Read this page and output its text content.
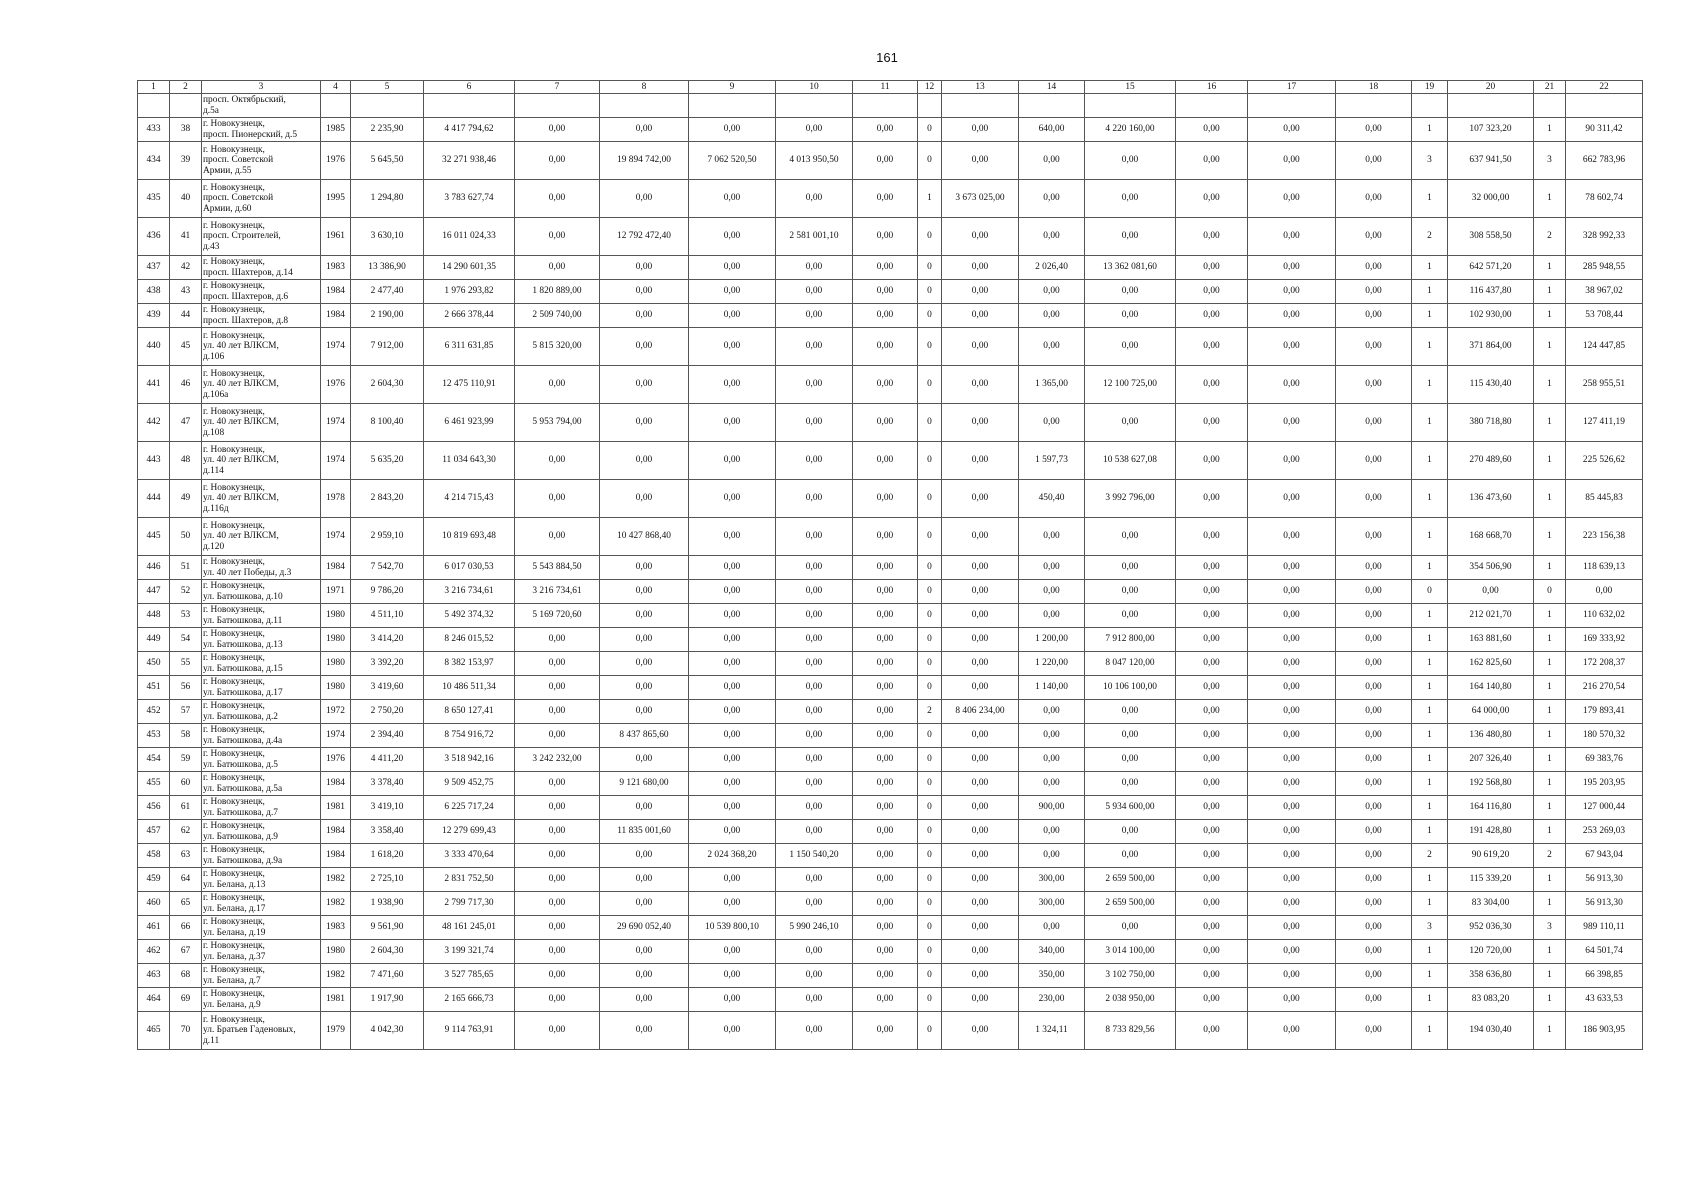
161
1	2	3	4	5	6	7	8	9	10	11	12	13	14	15	16	17	18	19	20	21	22
		просп. Октябрьский,
д.5а																			
433	38	г. Новокузнецк,
просп. Пионерский, д.5	1985	2 235,90	4 417 794,62	0,00	0,00	0,00	0,00	0,00	0	0,00	640,00	4 220 160,00	0,00	0,00	0,00	1	107 323,20	1	90 311,42
434	39	г. Новокузнецк,
просп. Советской
Армии, д.55	1976	5 645,50	32 271 938,46	0,00	19 894 742,00	7 062 520,50	4 013 950,50	0,00	0	0,00	0,00	0,00	0,00	0,00	0,00	3	637 941,50	3	662 783,96
435	40	г. Новокузнецк,
просп. Советской
Армии, д.60	1995	1 294,80	3 783 627,74	0,00	0,00	0,00	0,00	0,00	1	3 673 025,00	0,00	0,00	0,00	0,00	0,00	1	32 000,00	1	78 602,74
436	41	г. Новокузнецк,
просп. Строителей,
д.43	1961	3 630,10	16 011 024,33	0,00	12 792 472,40	0,00	2 581 001,10	0,00	0	0,00	0,00	0,00	0,00	0,00	0,00	2	308 558,50	2	328 992,33
437	42	г. Новокузнецк,
просп. Шахтеров, д.14	1983	13 386,90	14 290 601,35	0,00	0,00	0,00	0,00	0,00	0	0,00	2 026,40	13 362 081,60	0,00	0,00	0,00	1	642 571,20	1	285 948,55
438	43	г. Новокузнецк,
просп. Шахтеров, д.6	1984	2 477,40	1 976 293,82	1 820 889,00	0,00	0,00	0,00	0,00	0	0,00	0,00	0,00	0,00	0,00	0,00	1	116 437,80	1	38 967,02
439	44	г. Новокузнецк,
просп. Шахтеров, д.8	1984	2 190,00	2 666 378,44	2 509 740,00	0,00	0,00	0,00	0,00	0	0,00	0,00	0,00	0,00	0,00	0,00	1	102 930,00	1	53 708,44
440	45	г. Новокузнецк,
ул. 40 лет ВЛКСМ,
д.106	1974	7 912,00	6 311 631,85	5 815 320,00	0,00	0,00	0,00	0,00	0	0,00	0,00	0,00	0,00	0,00	0,00	1	371 864,00	1	124 447,85
441	46	г. Новокузнецк,
ул. 40 лет ВЛКСМ,
д.106а	1976	2 604,30	12 475 110,91	0,00	0,00	0,00	0,00	0,00	0	0,00	1 365,00	12 100 725,00	0,00	0,00	0,00	1	115 430,40	1	258 955,51
442	47	г. Новокузнецк,
ул. 40 лет ВЛКСМ,
д.108	1974	8 100,40	6 461 923,99	5 953 794,00	0,00	0,00	0,00	0,00	0	0,00	0,00	0,00	0,00	0,00	0,00	1	380 718,80	1	127 411,19
443	48	г. Новокузнецк,
ул. 40 лет ВЛКСМ,
д.114	1974	5 635,20	11 034 643,30	0,00	0,00	0,00	0,00	0,00	0	0,00	1 597,73	10 538 627,08	0,00	0,00	0,00	1	270 489,60	1	225 526,62
444	49	г. Новокузнецк,
ул. 40 лет ВЛКСМ,
д.116д	1978	2 843,20	4 214 715,43	0,00	0,00	0,00	0,00	0,00	0	0,00	450,40	3 992 796,00	0,00	0,00	0,00	1	136 473,60	1	85 445,83
445	50	г. Новокузнецк,
ул. 40 лет ВЛКСМ,
д.120	1974	2 959,10	10 819 693,48	0,00	10 427 868,40	0,00	0,00	0,00	0	0,00	0,00	0,00	0,00	0,00	0,00	1	168 668,70	1	223 156,38
446	51	г. Новокузнецк,
ул. 40 лет Победы, д.3	1984	7 542,70	6 017 030,53	5 543 884,50	0,00	0,00	0,00	0,00	0	0,00	0,00	0,00	0,00	0,00	0,00	1	354 506,90	1	118 639,13
447	52	г. Новокузнецк,
ул. Батюшкова, д.10	1971	9 786,20	3 216 734,61	3 216 734,61	0,00	0,00	0,00	0,00	0	0,00	0,00	0,00	0,00	0,00	0,00	0	0,00	0	0,00
448	53	г. Новокузнецк,
ул. Батюшкова, д.11	1980	4 511,10	5 492 374,32	5 169 720,60	0,00	0,00	0,00	0,00	0	0,00	0,00	0,00	0,00	0,00	0,00	1	212 021,70	1	110 632,02
449	54	г. Новокузнецк,
ул. Батюшкова, д.13	1980	3 414,20	8 246 015,52	0,00	0,00	0,00	0,00	0,00	0	0,00	1 200,00	7 912 800,00	0,00	0,00	0,00	1	163 881,60	1	169 333,92
450	55	г. Новокузнецк,
ул. Батюшкова, д.15	1980	3 392,20	8 382 153,97	0,00	0,00	0,00	0,00	0,00	0	0,00	1 220,00	8 047 120,00	0,00	0,00	0,00	1	162 825,60	1	172 208,37
451	56	г. Новокузнецк,
ул. Батюшкова, д.17	1980	3 419,60	10 486 511,34	0,00	0,00	0,00	0,00	0,00	0	0,00	1 140,00	10 106 100,00	0,00	0,00	0,00	1	164 140,80	1	216 270,54
452	57	г. Новокузнецк,
ул. Батюшкова, д.2	1972	2 750,20	8 650 127,41	0,00	0,00	0,00	0,00	0,00	2	8 406 234,00	0,00	0,00	0,00	0,00	0,00	1	64 000,00	1	179 893,41
453	58	г. Новокузнецк,
ул. Батюшкова, д.4а	1974	2 394,40	8 754 916,72	0,00	8 437 865,60	0,00	0,00	0,00	0	0,00	0,00	0,00	0,00	0,00	0,00	1	136 480,80	1	180 570,32
454	59	г. Новокузнецк,
ул. Батюшкова, д.5	1976	4 411,20	3 518 942,16	3 242 232,00	0,00	0,00	0,00	0,00	0	0,00	0,00	0,00	0,00	0,00	0,00	1	207 326,40	1	69 383,76
455	60	г. Новокузнецк,
ул. Батюшкова, д.5а	1984	3 378,40	9 509 452,75	0,00	9 121 680,00	0,00	0,00	0,00	0	0,00	0,00	0,00	0,00	0,00	0,00	1	192 568,80	1	195 203,95
456	61	г. Новокузнецк,
ул. Батюшкова, д.7	1981	3 419,10	6 225 717,24	0,00	0,00	0,00	0,00	0,00	0	0,00	900,00	5 934 600,00	0,00	0,00	0,00	1	164 116,80	1	127 000,44
457	62	г. Новокузнецк,
ул. Батюшкова, д.9	1984	3 358,40	12 279 699,43	0,00	11 835 001,60	0,00	0,00	0,00	0	0,00	0,00	0,00	0,00	0,00	0,00	1	191 428,80	1	253 269,03
458	63	г. Новокузнецк,
ул. Батюшкова, д.9а	1984	1 618,20	3 333 470,64	0,00	0,00	2 024 368,20	1 150 540,20	0,00	0	0,00	0,00	0,00	0,00	0,00	0,00	2	90 619,20	2	67 943,04
459	64	г. Новокузнецк,
ул. Белана, д.13	1982	2 725,10	2 831 752,50	0,00	0,00	0,00	0,00	0,00	0	0,00	300,00	2 659 500,00	0,00	0,00	0,00	1	115 339,20	1	56 913,30
460	65	г. Новокузнецк,
ул. Белана, д.17	1982	1 938,90	2 799 717,30	0,00	0,00	0,00	0,00	0,00	0	0,00	300,00	2 659 500,00	0,00	0,00	0,00	1	83 304,00	1	56 913,30
461	66	г. Новокузнецк,
ул. Белана, д.19	1983	9 561,90	48 161 245,01	0,00	29 690 052,40	10 539 800,10	5 990 246,10	0,00	0	0,00	0,00	0,00	0,00	0,00	0,00	3	952 036,30	3	989 110,11
462	67	г. Новокузнецк,
ул. Белана, д.37	1980	2 604,30	3 199 321,74	0,00	0,00	0,00	0,00	0,00	0	0,00	340,00	3 014 100,00	0,00	0,00	0,00	1	120 720,00	1	64 501,74
463	68	г. Новокузнецк,
ул. Белана, д.7	1982	7 471,60	3 527 785,65	0,00	0,00	0,00	0,00	0,00	0	0,00	350,00	3 102 750,00	0,00	0,00	0,00	1	358 636,80	1	66 398,85
464	69	г. Новокузнецк,
ул. Белана, д.9	1981	1 917,90	2 165 666,73	0,00	0,00	0,00	0,00	0,00	0	0,00	230,00	2 038 950,00	0,00	0,00	0,00	1	83 083,20	1	43 633,53
465	70	г. Новокузнецк,
ул. Братьев Гаденовых,
д.11	1979	4 042,30	9 114 763,91	0,00	0,00	0,00	0,00	0,00	0	0,00	1 324,11	8 733 829,56	0,00	0,00	0,00	1	194 030,40	1	186 903,95
